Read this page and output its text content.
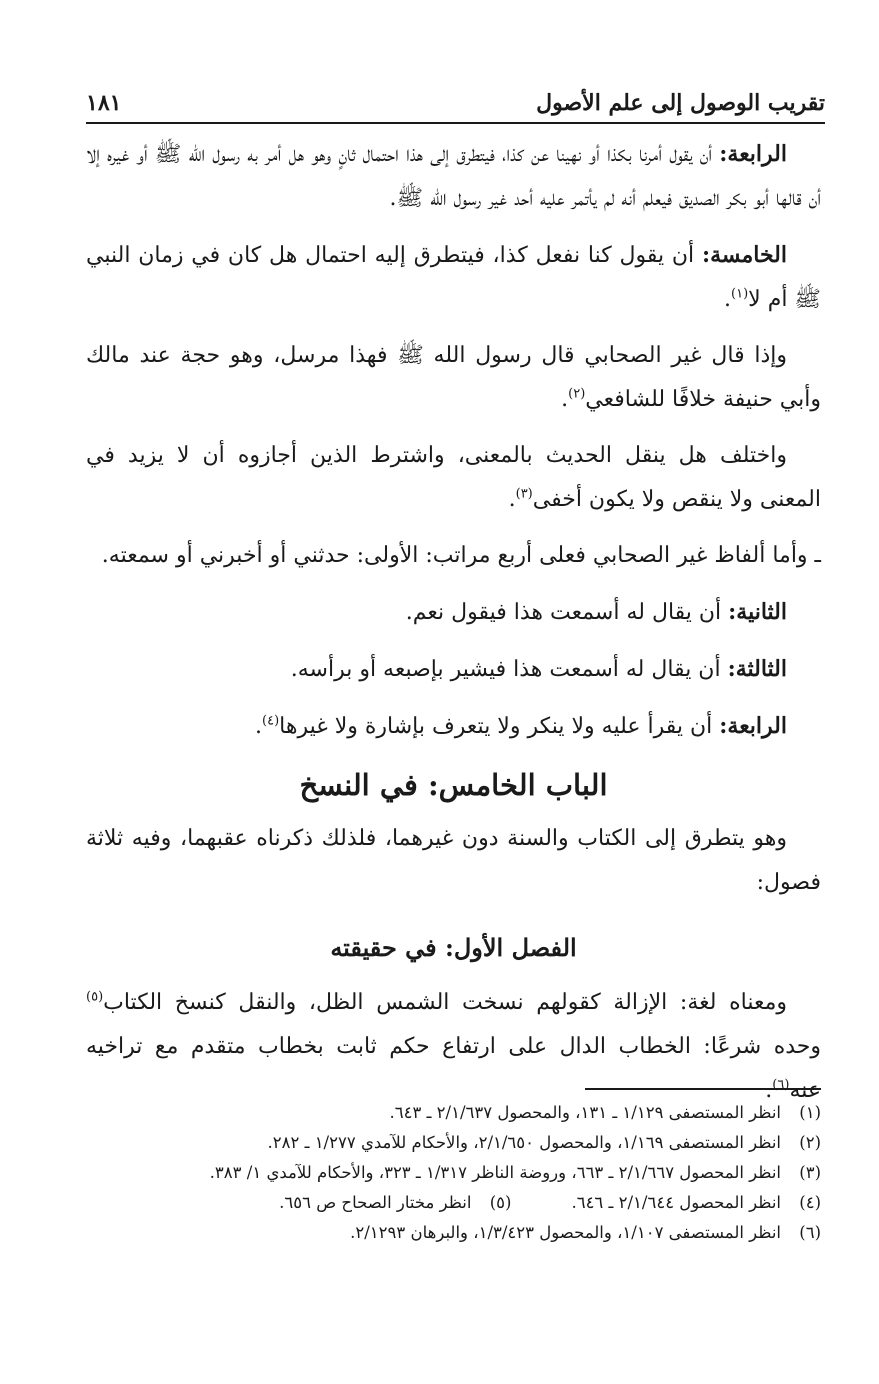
تقريب الوصول إلى علم الأصول
١٨١

الرابعة: أن يقول أمرنا بكذا أو نهينا عن كذا، فيتطرق إلى هذا احتمال ثانٍ وهو هل أمر به رسول الله ﷺ أو غيره إلا أن قالها أبو بكر الصديق فيعلم أنه لم يأتمر عليه أحد غير رسول الله ﷺ.

الخامسة: أن يقول كنا نفعل كذا، فيتطرق إليه احتمال هل كان في زمان النبي ﷺ أم لا$^{(١)}$.

وإذا قال غير الصحابي قال رسول الله ﷺ فهذا مرسل، وهو حجة عند مالك وأبي حنيفة خلافًا للشافعي$^{(٢)}$.

واختلف هل ينقل الحديث بالمعنى، واشترط الذين أجازوه أن لا يزيد في المعنى ولا ينقص ولا يكون أخفى$^{(٣)}$.

ـ وأما ألفاظ غير الصحابي فعلى أربع مراتب: الأولى: حدثني أو أخبرني أو سمعته.

الثانية: أن يقال له أسمعت هذا فيقول نعم.

الثالثة: أن يقال له أسمعت هذا فيشير بإصبعه أو برأسه.

الرابعة: أن يقرأ عليه ولا ينكر ولا يتعرف بإشارة ولا غيرها$^{(٤)}$.

الباب الخامس: في النسخ

وهو يتطرق إلى الكتاب والسنة دون غيرهما، فلذلك ذكرناه عقبهما، وفيه ثلاثة فصول:

الفصل الأول: في حقيقته

ومعناه لغة: الإزالة كقولهم نسخت الشمس الظل، والنقل كنسخ الكتاب$^{(٥)}$ وحده شرعًا: الخطاب الدال على ارتفاع حكم ثابت بخطاب متقدم مع تراخيه عنه$^{(٦)}$.

(١)انظر المستصفى ١/١٢٩ ـ ١٣١، والمحصول ٢/١/٦٣٧ ـ ٦٤٣.

(٢)انظر المستصفى ١/١٦٩، والمحصول ٢/١/٦٥٠، والأحكام للآمدي ١/٢٧٧ ـ ٢٨٢.

(٣)انظر المحصول ٢/١/٦٦٧ ـ ٦٦٣، وروضة الناظر ١/٣١٧ ـ ٣٢٣، والأحكام للآمدي ١/ ٣٨٣.

(٤)انظر المحصول ٢/١/٦٤٤ ـ ٦٤٦.

(٥)انظر مختار الصحاح ص ٦٥٦.

(٦)انظر المستصفى ١/١٠٧، والمحصول ١/٣/٤٢٣، والبرهان ٢/١٢٩٣.
